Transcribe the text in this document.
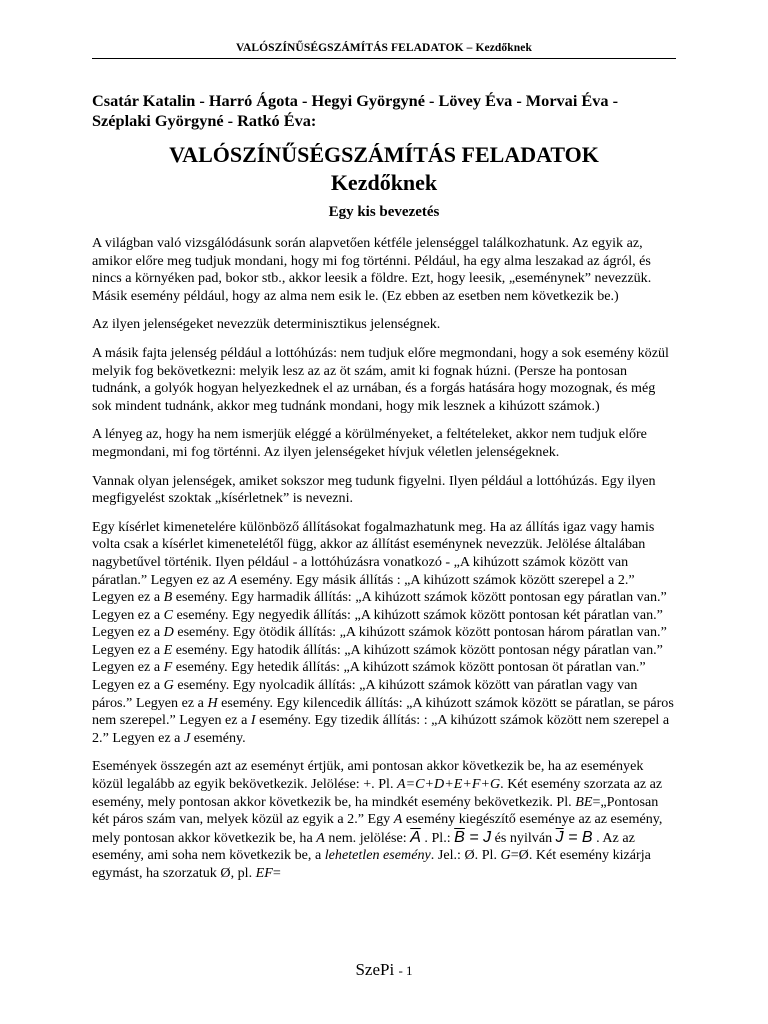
VALÓSZÍNŰSÉGSZÁMÍTÁS FELADATOK – Kezdőknek
Csatár Katalin - Harró Ágota - Hegyi Györgyné - Lövey Éva - Morvai Éva -
Széplaki Györgyné - Ratkó Éva:
VALÓSZÍNŰSÉGSZÁMÍTÁS FELADATOK
Kezdőknek
Egy kis bevezetés

A világban való vizsgálódásunk során alapvetően kétféle jelenséggel találkozhatunk. Az egyik az, amikor előre meg tudjuk mondani, hogy mi fog történni. Például, ha egy alma leszakad az ágról, és nincs a környéken pad, bokor stb., akkor leesik a földre. Ezt, hogy leesik, „eseménynek” nevezzük. Másik esemény például, hogy az alma nem esik le. (Ez ebben az esetben nem következik be.)

Az ilyen jelenségeket nevezzük determinisztikus jelenségnek.

A másik fajta jelenség például a lottóhúzás: nem tudjuk előre megmondani, hogy a sok esemény közül melyik fog bekövetkezni: melyik lesz az az öt szám, amit ki fognak húzni. (Persze ha pontosan tudnánk, a golyók hogyan helyezkednek el az urnában, és a forgás hatására hogy mozognak, és még sok mindent tudnánk, akkor meg tudnánk mondani, hogy mik lesznek a kihúzott számok.)

A lényeg az, hogy ha nem ismerjük eléggé a körülményeket, a feltételeket, akkor nem tudjuk előre megmondani, mi fog történni. Az ilyen jelenségeket hívjuk véletlen jelenségeknek.

Vannak olyan jelenségek, amiket sokszor meg tudunk figyelni. Ilyen például a lottóhúzás. Egy ilyen megfigyelést szoktak „kísérletnek” is nevezni.

Egy kísérlet kimenetelére különböző állításokat fogalmazhatunk meg. Ha az állítás igaz vagy hamis volta csak a kísérlet kimenetelétől függ, akkor az állítást eseménynek nevezzük. Jelölése általában nagybetűvel történik. Ilyen például - a lottóhúzásra vonatkozó - „A kihúzott számok között van páratlan.” Legyen ez az A esemény. Egy másik állítás : „A kihúzott számok között szerepel a 2.” Legyen ez a B esemény. Egy harmadik állítás: „A kihúzott számok között pontosan egy páratlan van.” Legyen ez a C esemény. Egy negyedik állítás: „A kihúzott számok között pontosan két páratlan van.” Legyen ez a D esemény. Egy ötödik állítás: „A kihúzott számok között pontosan három páratlan van.” Legyen ez a E esemény. Egy hatodik állítás: „A kihúzott számok között pontosan négy páratlan van.” Legyen ez a F esemény. Egy hetedik állítás: „A kihúzott számok között pontosan öt páratlan van.” Legyen ez a G esemény. Egy nyolcadik állítás: „A kihúzott számok között van páratlan vagy van páros.” Legyen ez a H esemény. Egy kilencedik állítás: „A kihúzott számok között se páratlan, se páros nem szerepel.” Legyen ez a I esemény. Egy tizedik állítás: : „A kihúzott számok között nem szerepel a 2.” Legyen ez a J esemény.

Események összegén azt az eseményt értjük, ami pontosan akkor következik be, ha az események közül legalább az egyik bekövetkezik. Jelölése: +. Pl. A=C+D+E+F+G. Két esemény szorzata az az esemény, mely pontosan akkor következik be, ha mindkét esemény bekövetkezik. Pl. BE=„Pontosan két páros szám van, melyek közül az egyik a 2.” Egy A esemény kiegészítő eseménye az az esemény, mely pontosan akkor következik be, ha A nem. jelölése: $\overline{A}$ . Pl.: $\overline{B} = J$ és nyilván $\overline{J} = B$ . Az az esemény, ami soha nem következik be, a lehetetlen esemény. Jel.: Ø. Pl. G=Ø. Két esemény kizárja egymást, ha szorzatuk Ø, pl. EF=

SzePi - 1
